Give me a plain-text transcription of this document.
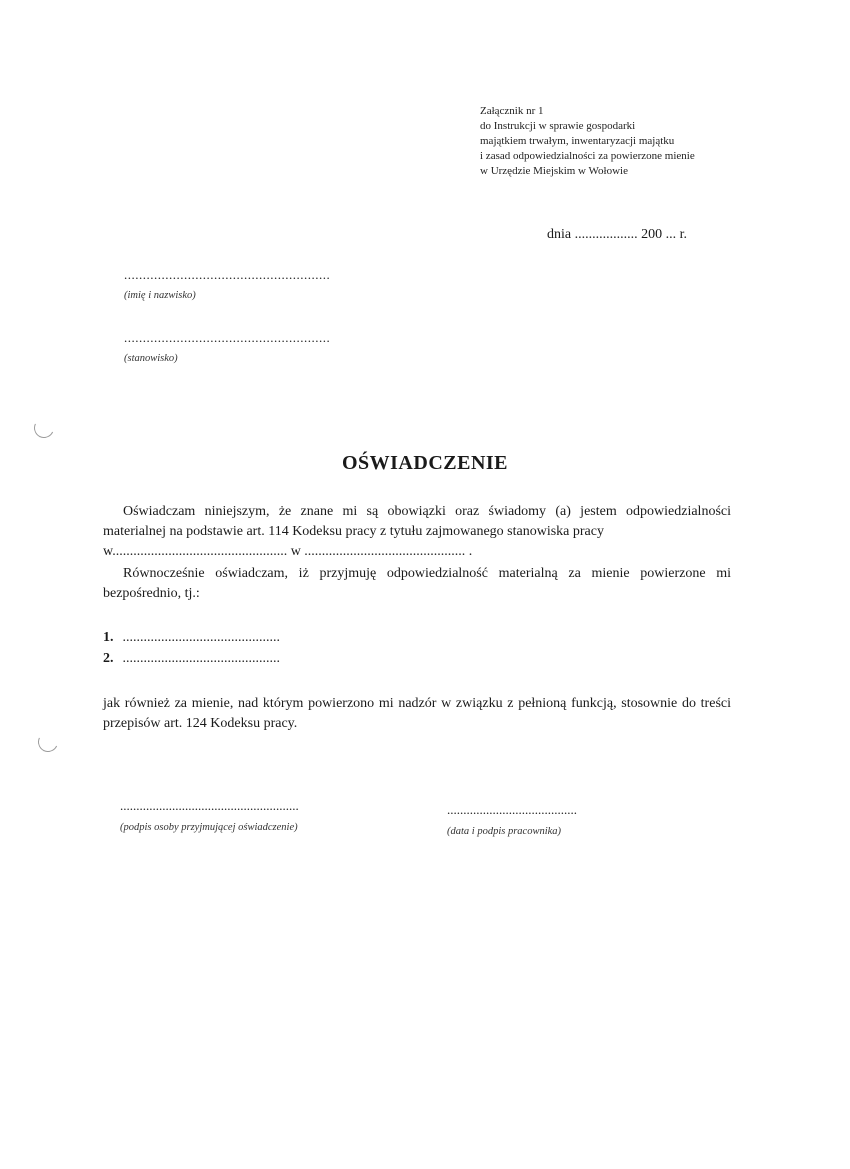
Załącznik nr 1
do Instrukcji w sprawie gospodarki
majątkiem trwałym, inwentaryzacji majątku
i zasad odpowiedzialności za powierzone mienie
w Urzędzie Miejskim w Wołowie
dnia .................. 200 ... r.
.......................................................
(imię i nazwisko)
.......................................................
(stanowisko)
OŚWIADCZENIE
Oświadczam niniejszym, że znane mi są obowiązki oraz świadomy (a) jestem odpowiedzialności materialnej na podstawie art. 114 Kodeksu pracy z tytułu zajmowanego stanowiska pracy
w.................................................. w .............................................. .
Równocześnie oświadczam, iż przyjmuję odpowiedzialność materialną za mienie powierzone mi bezpośrednio, tj.:
1. .............................................
2. .............................................
jak również za mienie, nad którym powierzono mi nadzór w związku z pełnioną funkcją, stosownie do treści przepisów art. 124 Kodeksu pracy.
.......................................................
(podpis osoby przyjmującej oświadczenie)
........................................
(data i podpis pracownika)
